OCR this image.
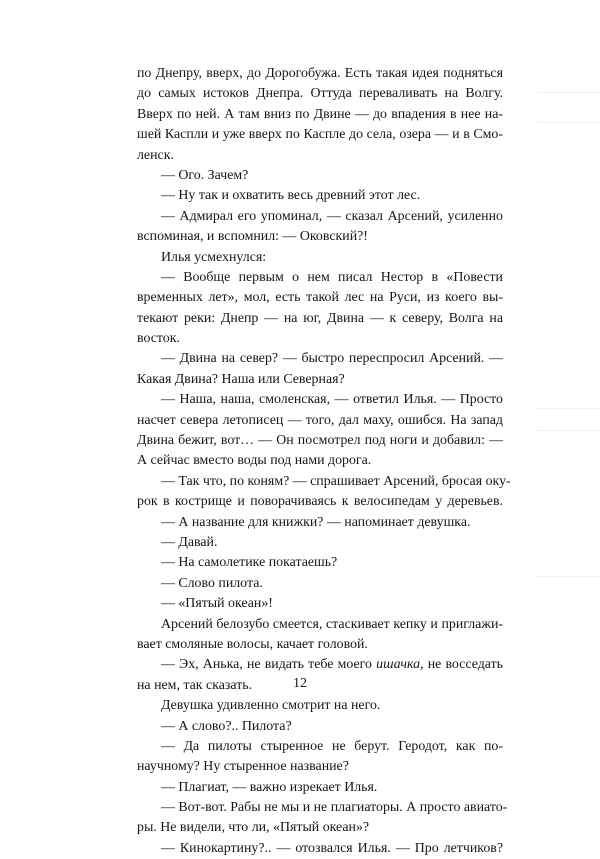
по Днепру, вверх, до Дорогобужа. Есть такая идея подняться
до самых истоков Днепра. Оттуда переваливать на Волгу.
Вверх по ней. А там вниз по Двине — до впадения в нее на-
шей Каспли и уже вверх по Каспле до села, озера — и в Смо-
ленск.
— Ого. Зачем?
— Ну так и охватить весь древний этот лес.
— Адмирал его упоминал, — сказал Арсений, усиленно
вспоминая, и вспомнил: — Оковский?!
Илья усмехнулся:
— Вообще первым о нем писал Нестор в «Повести
временных лет», мол, есть такой лес на Руси, из коего вы-
текают реки: Днепр — на юг, Двина — к северу, Волга на
восток.
— Двина на север? — быстро переспросил Арсений. —
Какая Двина? Наша или Северная?
— Наша, наша, смоленская, — ответил Илья. — Просто
насчет севера летописец — того, дал маху, ошибся. На запад
Двина бежит, вот… — Он посмотрел под ноги и добавил: —
А сейчас вместо воды под нами дорога.
— Так что, по коням? — спрашивает Арсений, бросая оку-
рок в кострище и поворачиваясь к велосипедам у деревьев.
— А название для книжки? — напоминает девушка.
— Давай.
— На самолетике покатаешь?
— Слово пилота.
— «Пятый океан»!
Арсений белозубо смеется, стаскивает кепку и приглажи-
вает смоляные волосы, качает головой.
— Эх, Анька, не видать тебе моего ишачка, не восседать
на нем, так сказать.
Девушка удивленно смотрит на него.
— А слово?.. Пилота?
— Да пилоты стыренное не берут. Геродот, как по-
научному? Ну стыренное название?
— Плагиат, — важно изрекает Илья.
— Вот-вот. Рабы не мы и не плагиаторы. А просто авиато-
ры. Не видели, что ли, «Пятый океан»?
— Кинокартину?.. — отозвался Илья. — Про летчиков?
12
